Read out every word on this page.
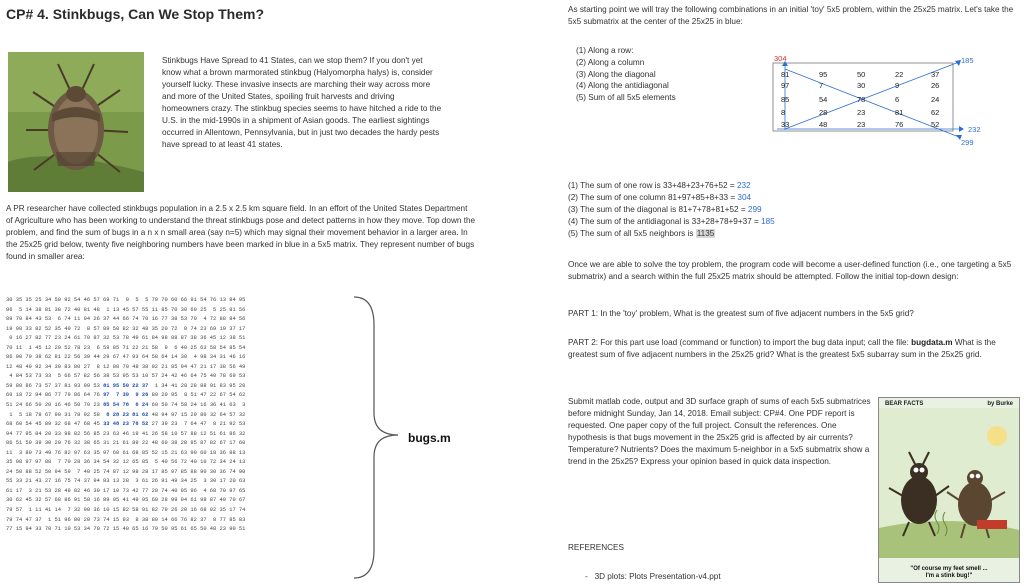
CP# 4. Stinkbugs, Can We Stop Them?
Stinkbugs Have Spread to 41 States, can we stop them? If you don't yet know what a brown marmorated stinkbug (Halyomorpha halys) is, consider yourself lucky. These invasive insects are marching their way across more and more of the United States, spoiling fruit harvests and driving homeowners crazy. The stinkbug species seems to have hitched a ride to the U.S. in the mid-1990s in a shipment of Asian goods. The earliest sightings occurred in Allentown, Pennsylvania, but in just two decades the hardy pests have spread to at least 41 states.
A PR researcher have collected stinkbugs population in a 2.5 x 2.5 km square field. In an effort of the United States Department of Agriculture who has been working to understand the threat stinkbugs pose and detect patterns in how they move. Top down the problem, and find the sum of bugs in a n x n small area (say n=5) which may signal their movement behavior in a larger area. In the 25x25 grid below, twenty five neighboring numbers have been marked in blue in a 5x5 matrix. They represent number of bugs found in smaller area:
30 35 35 25 34 50 92 54 46 57 69 71  9  5  5 79 70 60 66 91 54 76 13 84 95
96  5 14 38 81 38 72 40 81 48  1 13 45 57 55 11 85 70 30 60 25  5 25 81 56
89 70 84 43 53  6 74 11 94 26 37 44 66 74 70 16 77 38 53 70  4 72 88 84 56
19 98 33 82 52 35 40 72  8 57 89 50 82 32 48 35 20 72  0 74 23 69 19 37 17
0 16 27 82 77 23 24 61 70 87 32 53 78 49 61 84 98 88 87 38 36 45 12 38 51
70 11  1 45 12 20 52 78 23  6 59 85 71 22 21 58  9  6 40 25 63 58 54 85 54
86 90 79 38 62 81 22 56 39 44 29 67 47 93 64 58 64 14 30  4 98 34 31 46 16
12 48 49 92 34 39 83 80 27  8 12 80 70 48 38 92 21 85 94 47 21 17 38 56 49
4 84 53 73 33  5 66 57 82 56 38 53 95 53 10 57 24 42 46 64 75 40 78 69 53
59 80 86 73 57 37 81 93 99 53 81 95 50 22 37  1 34 41 28 28 88 91 83 95 20
60 18 72 94 86 77 79 86 64 76 97  7 30  9 26 80 20 95  8 51 47 22 67 54 62
51 24 66 50 20 16 46 50 70 23 85 54 78  6 24 60 50 74 58 24 16 36 41 63  3
1  5 18 78 67 90 31 78 92 58  8 28 23 81 62 48 94 97 15 29 80 32 64 57 32
68 60 54 45 89 32 68 47 68 45 33 48 23 76 52 27 39 23  7 64 47  8 21 92 53
94 77 95 84 20 33 98 82 56 85 23 63 46 19 41 26 58 10 57 88 12 51 61 86 32
86 51 59 39 30 20 76 32 38 65 31 21 61 89 22 48 60 38 28 85 87 82 67 17 60
11  3 80 73 49 76 82 97 63 35 97 60 61 68 85 52 15 21 63 90 60 18 36 88 13
35 98 97 97 88  7 70 28 36 34 54 32 12 65 85  5 40 56 72 40 10 72 34 24 13
24 50 88 52 50 94 59  7 40 25 74 87 12 98 28 17 85 97 85 88 90 30 36 74 90
55 33 21 43 27 16 75 74 37 94 83 13 28  3 61 26 91 49 34 25  3 30 17 20 63
61 17  3 21 53 28 49 82 46 30 17 10 73 42 77 20 74 40 95 96  4 68 79 97 65
30 62 45 32 57 68 86 91 50 16 89 95 41 49 95 60 28 99 94 61 98 87 49 70 67
79 57  1 11 41 14  7 32 90 36 10 15 82 58 91 82 79 26 20 16 68 92 35 17 74
79 74 47 37  1 51 96 80 20 73 74 15 93  8 38 80 14 66 76 82 37  8 77 85 83
77 15 94 33 70 71 10 53 34 70 72 15 40 65 16 79 50 95 61 65 50 48 23 90 51
bugs.m
As starting point we will tray the following combinations in an initial 'toy' 5x5 problem, within the 25x25 matrix. Let's take the 5x5 submatrix at the center of the 25x25 in blue:
(1) Along a row:
(2) Along a column
(3) Along the diagonal
(4) Along the antidiagonal
(5) Sum of all 5x5 elements
81	95	50	22	37
97	7	30	9	26
85	54	78	6	24
8	28	23	81	62
33	48	23	76	52
304	185
232
299
(1) The sum of one row is 33+48+23+76+52 = 232
(2) The sum of one column 81+97+85+8+33 = 304
(3) The sum of the diagonal is 81+7+78+81+52 = 299
(4) The sum of the antidiagonal is 33+28+78+9+37 = 185
(5) The sum of all 5x5 neighbors is 1135
Once we are able to solve the toy problem, the program code will become a user-defined function (i.e., one targeting a 5x5 submatrix) and a search within the full 25x25 matrix should be attempted. Follow the initial top-down design:
PART 1: In the 'toy' problem, What is the greatest sum of five adjacent numbers in the 5x5 grid?
PART 2: For this part use load (command or function) to import the bug data input; call the file: bugdata.m What is the greatest sum of five adjacent numbers in the 25x25 grid? What is the greatest 5x5 subarray sum in the 25x25 grid.
Submit matlab code, output and 3D surface graph of sums of each 5x5 submatrices before midnight Sunday, Jan 14, 2018. Email subject: CP#4. One PDF report is requested. One paper copy of the full project. Consult the references. One hypothesis is that bugs movement in the 25x25 grid is affected by air currents? Temperature? Nutrients? Does the maximum 5-neighbor in a 5x5 submatrix show a trend in the 25x25? Express your opinion based in quick data inspection.
REFERENCES
- 3D plots: Plots Presentation-v4.ppt
BEAR FACTS	by Burke
"Of course my feet smell ...
I'm a stink bug!"
